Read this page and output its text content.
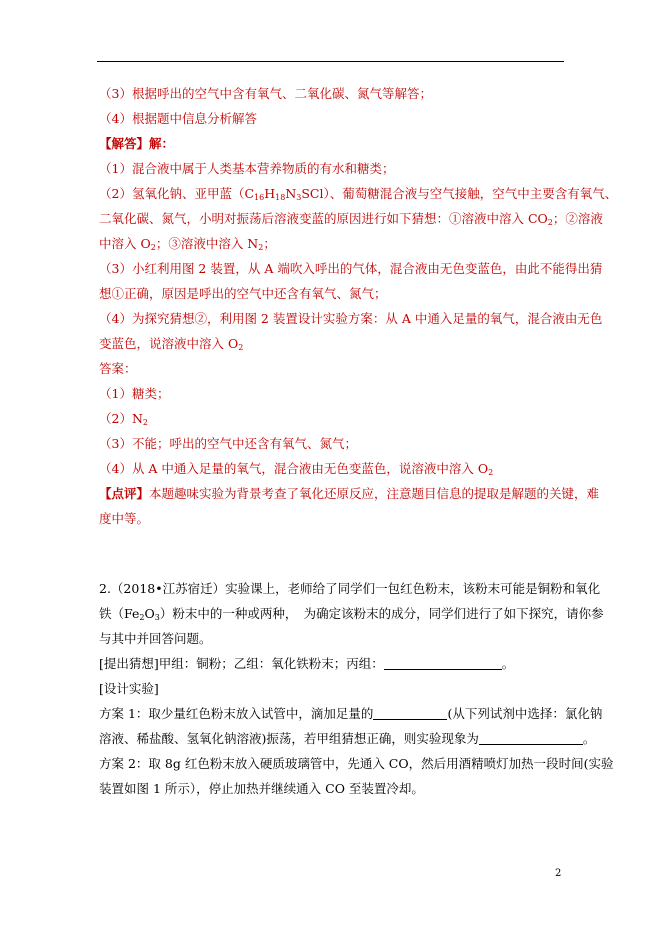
（3）根据呼出的空气中含有氧气、二氧化碳、氮气等解答；
（4）根据题中信息分析解答
【解答】解：
（1）混合液中属于人类基本营养物质的有水和糖类；
（2）氢氧化钠、亚甲蓝$(C_{16}H_{18}N_3SCl)$、葡萄糖混合液与空气接触，空气中主要含有氧气、
二氧化碳、氮气，小明对振荡后溶液变蓝的原因进行如下猜想：①溶液中溶入 $CO_2$；②溶液
中溶入 $O_2$；③溶液中溶入 $N_2$；
（3）小红利用图 2 装置，从 A 端吹入呼出的气体，混合液由无色变蓝色，由此不能得出猜
想①正确，原因是呼出的空气中还含有氧气、氮气；
（4）为探究猜想②，利用图 2 装置设计实验方案：从 A 中通入足量的氧气，混合液由无色
变蓝色，说溶液中溶入 $O_2$
答案：
（1）糖类；
$(2)N_2$
（3）不能；呼出的空气中还含有氧气、氮气；
（4）从 A 中通入足量的氧气，混合液由无色变蓝色，说溶液中溶入 $O_2$
【点评】本题趣味实验为背景考查了氧化还原反应，注意题目信息的提取是解题的关键，难
度中等。
2.（2018•江苏宿迁）实验课上，老师给了同学们一包红色粉末，该粉末可能是铜粉和氧化
铁$(Fe_2O_3)$粉末中的一种或两种，　为确定该粉末的成分，同学们进行了如下探究，请你参
与其中并回答问题。
[提出猜想]甲组：铜粉；乙组：氧化铁粉末；丙组：	。
[设计实验]
方案 1：取少量红色粉末放入试管中，滴加足量的	(从下列试剂中选择：氯化钠
溶液、稀盐酸、氢氧化钠溶液)振荡，若甲组猜想正确，则实验现象为	。
方案 2：取 8g 红色粉末放入硬质玻璃管中，先通入 CO，然后用酒精喷灯加热一段时间(实验
装置如图 1 所示），停止加热并继续通入 CO 至装置冷却。
2
